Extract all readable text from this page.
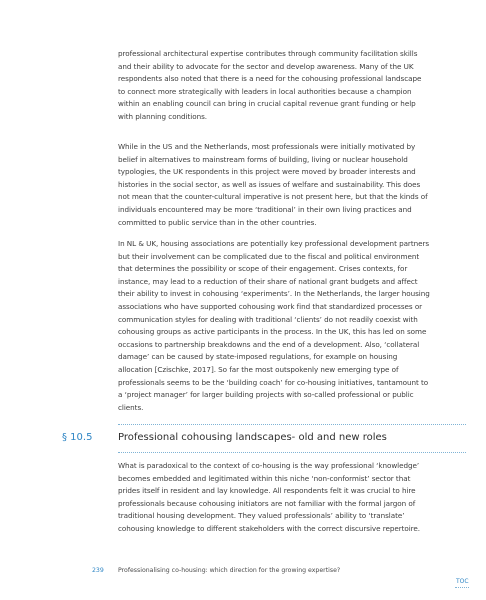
professional architectural expertise contributes through community facilitation skills and their ability to advocate for the sector and develop awareness. Many of the UK respondents also noted that there is a need for the cohousing professional landscape to connect more strategically with leaders in local authorities because a champion within an enabling council can bring in crucial capital revenue grant funding or help with planning conditions.

While in the US and the Netherlands, most professionals were initially motivated by belief in alternatives to mainstream forms of building, living or nuclear household typologies, the UK respondents in this project were moved by broader interests and histories in the social sector, as well as issues of welfare and sustainability. This does not mean that the counter-cultural imperative is not present here, but that the kinds of individuals encountered may be more ‘traditional’ in their own living practices and committed to public service than in the other countries.

In NL & UK, housing associations are potentially key professional development partners but their involvement can be complicated due to the fiscal and political environment that determines the possibility or scope of their engagement. Crises contexts, for instance, may lead to a reduction of their share of national grant budgets and affect their ability to invest in cohousing ‘experiments’. In the Netherlands, the larger housing associations who have supported cohousing work find that standardized processes or communication styles for dealing with traditional ‘clients’ do not readily coexist with cohousing groups as active participants in the process. In the UK, this has led on some occasions to partnership breakdowns and the end of a development. Also, ‘collateral damage’ can be caused by state-imposed regulations, for example on housing allocation [Czischke, 2017]. So far the most outspokenly new emerging type of professionals seems to be the ‘building coach’ for co-housing initiatives, tantamount to a ‘project manager’ for larger building projects with so-called professional or public clients.

§ 10.5	Professional cohousing landscapes- old and new roles

What is paradoxical to the context of co-housing is the way professional ‘knowledge’ becomes embedded and legitimated within this niche ‘non-conformist’ sector that prides itself in resident and lay knowledge. All respondents felt it was crucial to hire professionals because cohousing initiators are not familiar with the formal jargon of traditional housing development. They valued professionals’ ability to ‘translate’ cohousing knowledge to different stakeholders with the correct discursive repertoire.

239 Professionalising co-housing: which direction for the growing expertise?
TOC
